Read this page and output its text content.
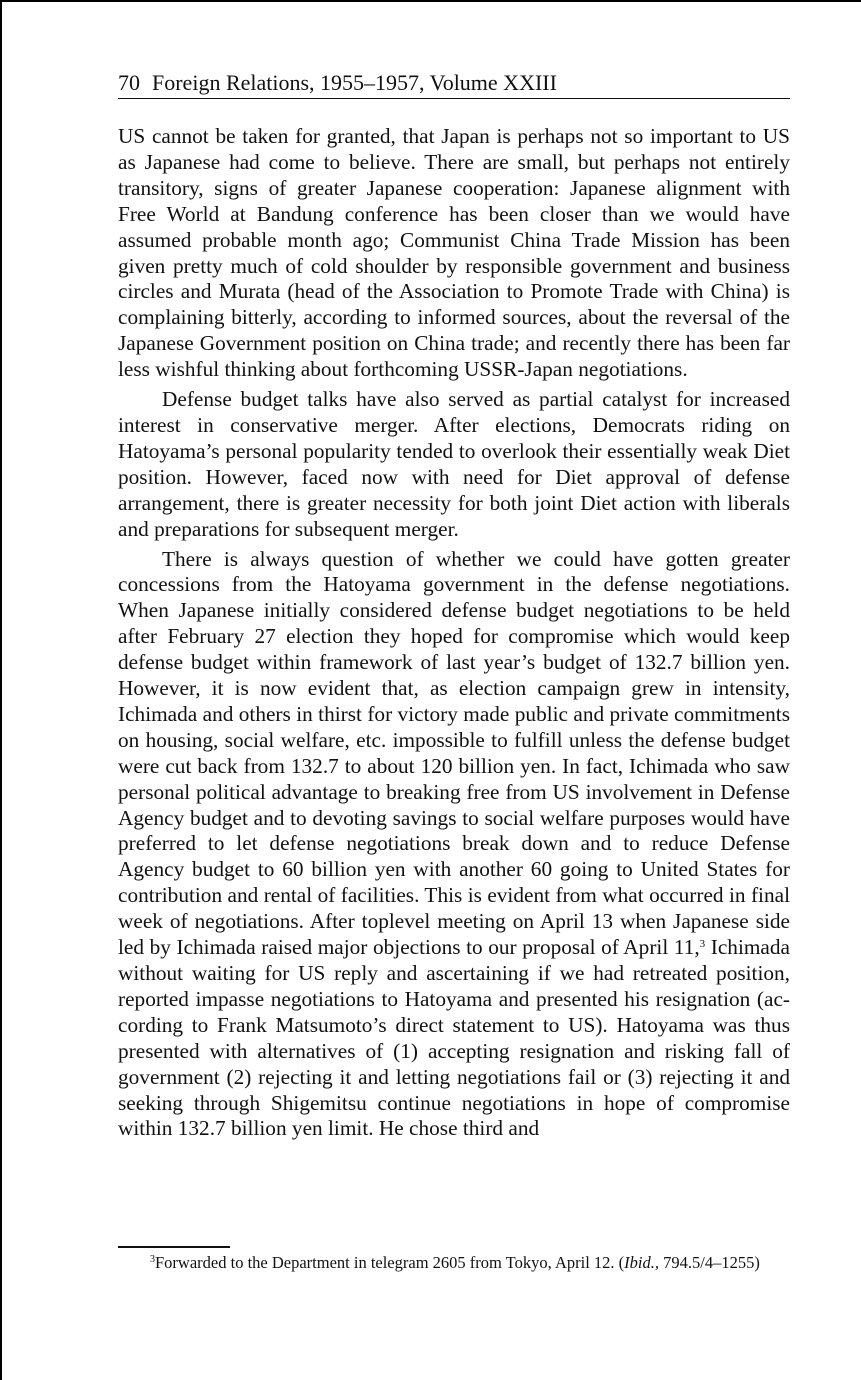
70 Foreign Relations, 1955–1957, Volume XXIII

US cannot be taken for granted, that Japan is perhaps not so important to US as Japanese had come to believe. There are small, but perhaps not entirely transitory, signs of greater Japanese cooperation: Japanese alignment with Free World at Bandung conference has been closer than we would have assumed probable month ago; Communist China Trade Mission has been given pretty much of cold shoulder by responsible government and business circles and Murata (head of the Association to Promote Trade with China) is complaining bitterly, according to informed sources, about the reversal of the Japanese Government position on China trade; and recently there has been far less wishful thinking about forthcoming USSR-Japan negotiations.

Defense budget talks have also served as partial catalyst for increased interest in conservative merger. After elections, Democrats riding on Hatoyama’s personal popularity tended to overlook their essentially weak Diet position. However, faced now with need for Diet approval of defense arrangement, there is greater necessity for both joint Diet action with liberals and preparations for subsequent merger.

There is always question of whether we could have gotten greater concessions from the Hatoyama government in the defense negotiations. When Japanese initially considered defense budget negotiations to be held after February 27 election they hoped for compromise which would keep defense budget within framework of last year’s budget of 132.7 billion yen. However, it is now evident that, as election campaign grew in intensity, Ichimada and others in thirst for victory made public and private commitments on housing, social welfare, etc. impossible to fulfill unless the defense budget were cut back from 132.7 to about 120 billion yen. In fact, Ichimada who saw personal political advantage to breaking free from US involvement in Defense Agency budget and to devoting savings to social welfare purposes would have preferred to let defense negotiations break down and to reduce Defense Agency budget to 60 billion yen with another 60 going to United States for contribution and rental of facilities. This is evident from what occurred in final week of negotiations. After toplevel meeting on April 13 when Japanese side led by Ichimada raised major objections to our proposal of April 11,$^3$ Ichimada without waiting for US reply and ascertaining if we had retreated position, reported impasse negotiations to Hatoyama and presented his resignation (according to Frank Matsumoto’s direct statement to US). Hatoyama was thus presented with alternatives of (1) accepting resignation and risking fall of government (2) rejecting it and letting negotiations fail or (3) rejecting it and seeking through Shigemitsu continue negotiations in hope of compromise within 132.7 billion yen limit. He chose third and

$^3$Forwarded to the Department in telegram 2605 from Tokyo, April 12. (Ibid., 794.5/4–1255)
